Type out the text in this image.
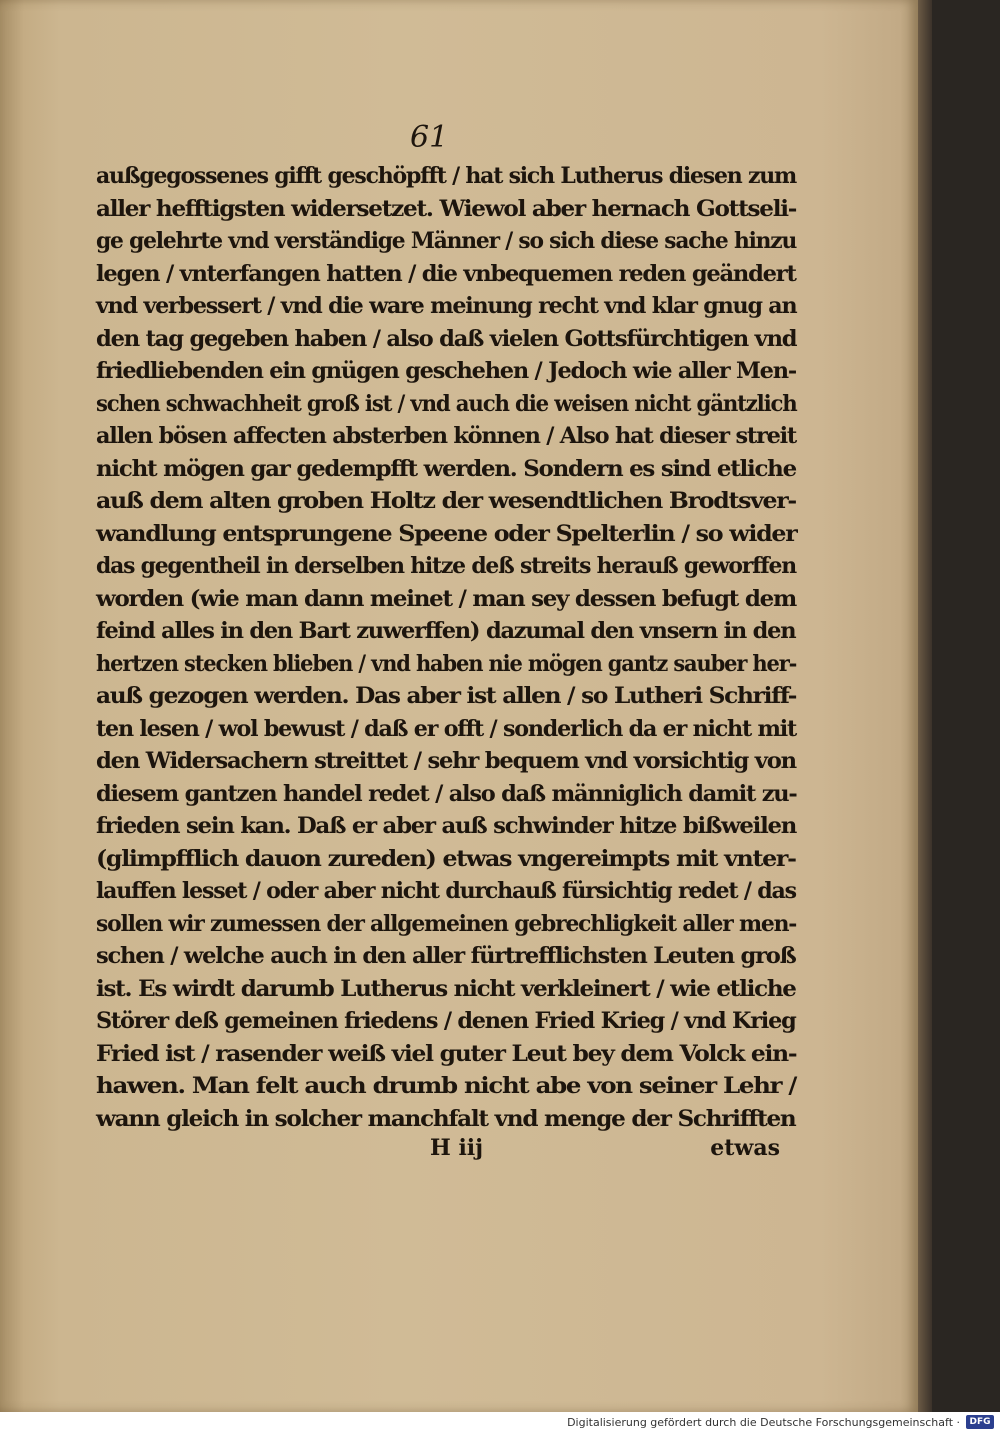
61
außgegossenes gifft geschöpfft / hat sich Lutherus diesen zum
aller hefftigsten widersetzet. Wiewol aber hernach Gottseli-
ge gelehrte vnd verständige Männer / so sich diese sache hinzu
legen / vnterfangen hatten / die vnbequemen reden geändert
vnd verbessert / vnd die ware meinung recht vnd klar gnug an
den tag gegeben haben / also daß vielen Gottsfürchtigen vnd
friedliebenden ein gnügen geschehen / Jedoch wie aller Men-
schen schwachheit groß ist / vnd auch die weisen nicht gäntzlich
allen bösen affecten absterben können / Also hat dieser streit
nicht mögen gar gedempfft werden. Sondern es sind etliche
auß dem alten groben Holtz der wesendtlichen Brodtsver-
wandlung entsprungene Speene oder Spelterlin / so wider
das gegentheil in derselben hitze deß streits herauß geworffen
worden (wie man dann meinet / man sey dessen befugt dem
feind alles in den Bart zuwerffen) dazumal den vnsern in den
hertzen stecken blieben / vnd haben nie mögen gantz sauber her-
auß gezogen werden. Das aber ist allen / so Lutheri Schriff-
ten lesen / wol bewust / daß er offt / sonderlich da er nicht mit
den Widersachern streittet / sehr bequem vnd vorsichtig von
diesem gantzen handel redet / also daß männiglich damit zu-
frieden sein kan. Daß er aber auß schwinder hitze bißweilen
(glimpfflich dauon zureden) etwas vngereimpts mit vnter-
lauffen lesset / oder aber nicht durchauß fürsichtig redet / das
sollen wir zumessen der allgemeinen gebrechligkeit aller men-
schen / welche auch in den aller fürtrefflichsten Leuten groß
ist. Es wirdt darumb Lutherus nicht verkleinert / wie etliche
Störer deß gemeinen friedens / denen Fried Krieg / vnd Krieg
Fried ist / rasender weiß viel guter Leut bey dem Volck ein-
hawen. Man felt auch drumb nicht abe von seiner Lehr /
wann gleich in solcher manchfalt vnd menge der Schrifften
H iij	etwas
Digitalisierung gefördert durch die Deutsche Forschungsgemeinschaft ·	DFG
